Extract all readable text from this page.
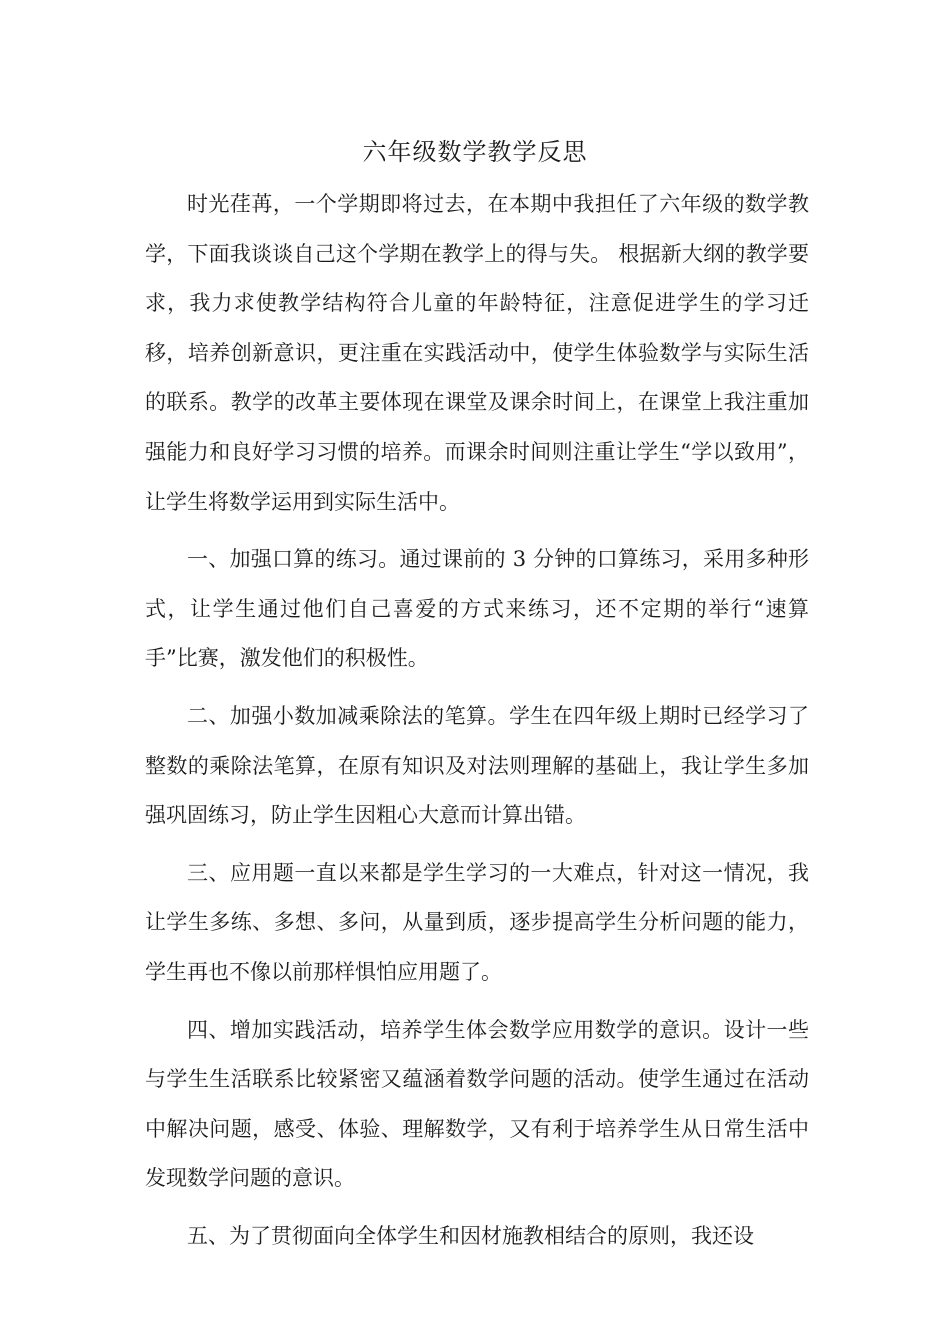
六年级数学教学反思

时光荏苒，一个学期即将过去，在本期中我担任了六年级的数学教学，下面我谈谈自己这个学期在教学上的得与失。 根据新大纲的教学要求，我力求使教学结构符合儿童的年龄特征，注意促进学生的学习迁移，培养创新意识，更注重在实践活动中，使学生体验数学与实际生活的联系。教学的改革主要体现在课堂及课余时间上，在课堂上我注重加强能力和良好学习习惯的培养。而课余时间则注重让学生“学以致用”，让学生将数学运用到实际生活中。

一、加强口算的练习。通过课前的 3 分钟的口算练习，采用多种形式，让学生通过他们自己喜爱的方式来练习，还不定期的举行“速算手”比赛，激发他们的积极性。

二、加强小数加减乘除法的笔算。学生在四年级上期时已经学习了整数的乘除法笔算，在原有知识及对法则理解的基础上，我让学生多加强巩固练习，防止学生因粗心大意而计算出错。

三、应用题一直以来都是学生学习的一大难点，针对这一情况，我让学生多练、多想、多问，从量到质，逐步提高学生分析问题的能力，学生再也不像以前那样惧怕应用题了。

四、增加实践活动，培养学生体会数学应用数学的意识。设计一些与学生生活联系比较紧密又蕴涵着数学问题的活动。使学生通过在活动中解决问题，感受、体验、理解数学，又有利于培养学生从日常生活中发现数学问题的意识。

五、为了贯彻面向全体学生和因材施教相结合的原则，我还设
